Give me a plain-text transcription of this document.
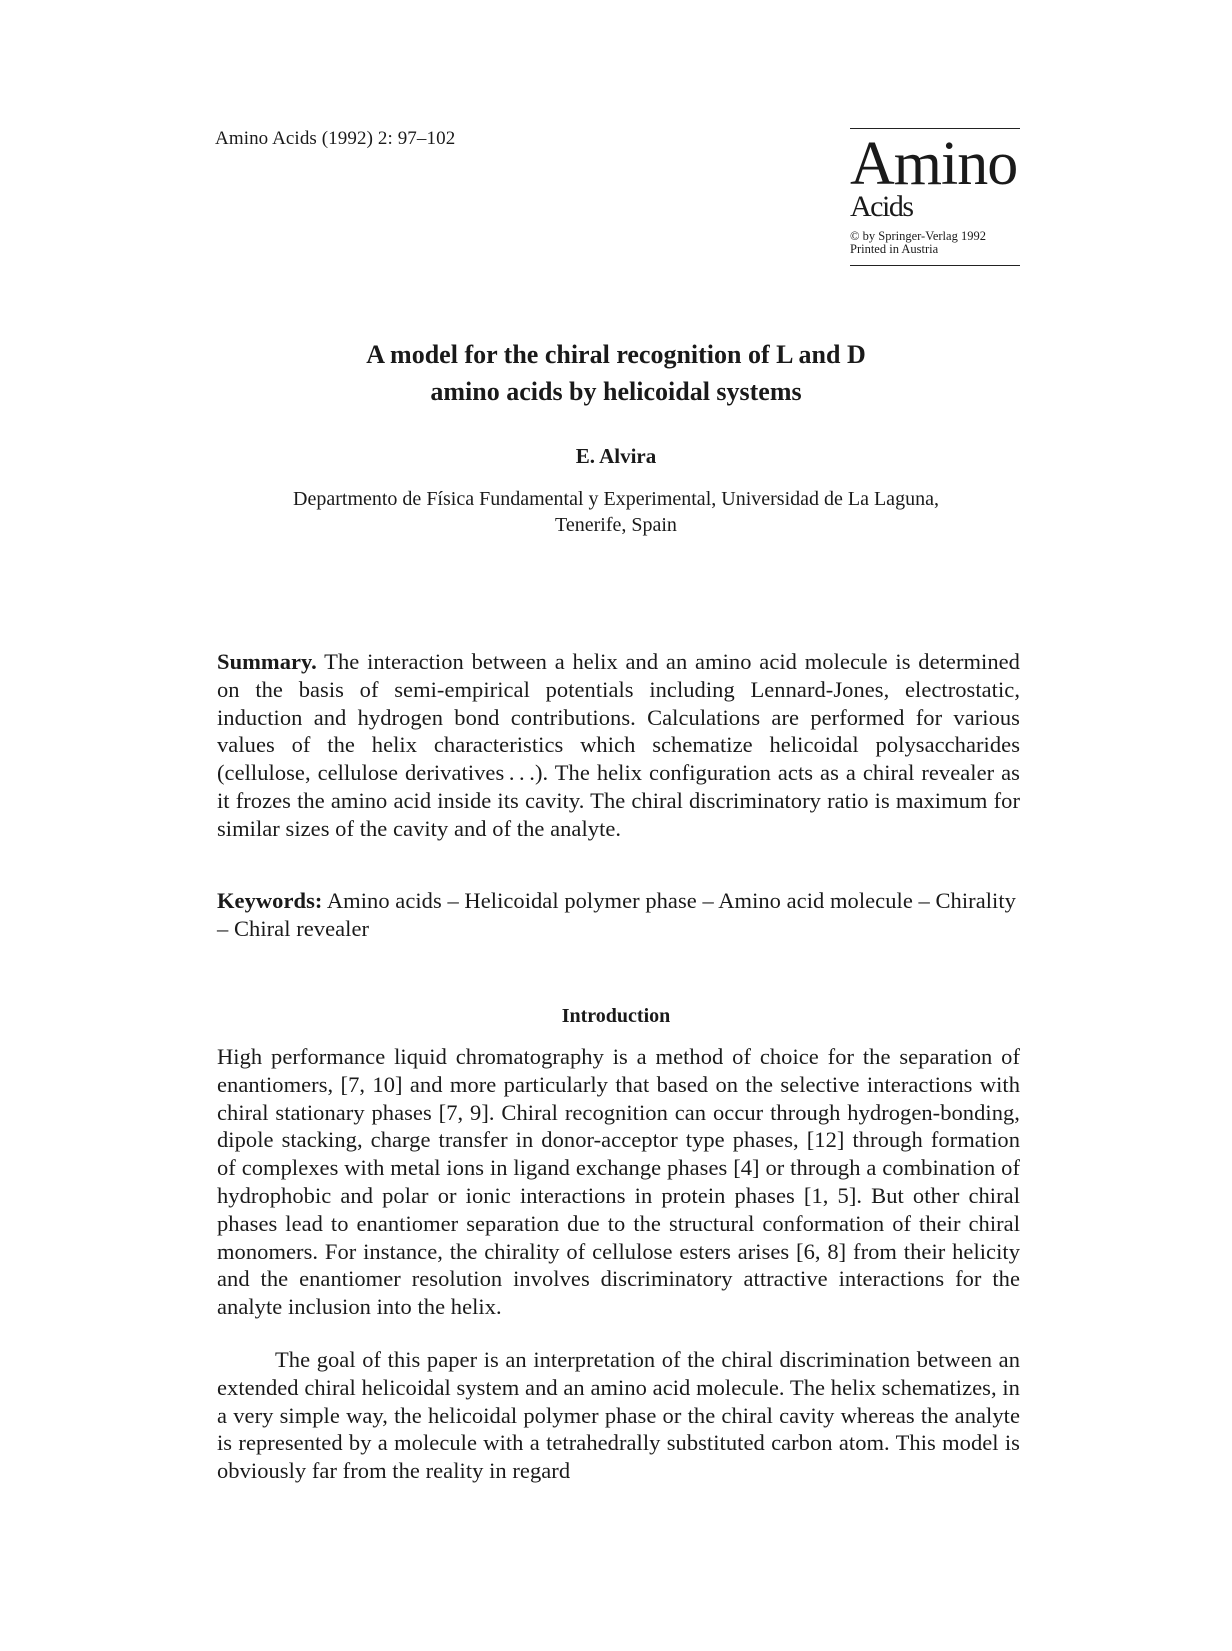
Amino Acids (1992) 2: 97–102	Amino
Acids
© by Springer-Verlag 1992
Printed in Austria
A model for the chiral recognition of L and D
amino acids by helicoidal systems
E. Alvira
Departmento de Física Fundamental y Experimental, Universidad de La Laguna,
Tenerife, Spain
Summary. The interaction between a helix and an amino acid molecule is determined on the basis of semi-empirical potentials including Lennard-Jones, electrostatic, induction and hydrogen bond contributions. Calculations are performed for various values of the helix characteristics which schematize helicoidal polysaccharides (cellulose, cellulose derivatives . . .). The helix configuration acts as a chiral revealer as it frozes the amino acid inside its cavity. The chiral discriminatory ratio is maximum for similar sizes of the cavity and of the analyte.
Keywords: Amino acids – Helicoidal polymer phase – Amino acid molecule – Chirality – Chiral revealer
Introduction
High performance liquid chromatography is a method of choice for the separation of enantiomers, [7, 10] and more particularly that based on the selective interactions with chiral stationary phases [7, 9]. Chiral recognition can occur through hydrogen-bonding, dipole stacking, charge transfer in donor-acceptor type phases, [12] through formation of complexes with metal ions in ligand exchange phases [4] or through a combination of hydrophobic and polar or ionic interactions in protein phases [1, 5]. But other chiral phases lead to enantiomer separation due to the structural conformation of their chiral monomers. For instance, the chirality of cellulose esters arises [6, 8] from their helicity and the enantiomer resolution involves discriminatory attractive interactions for the analyte inclusion into the helix.
The goal of this paper is an interpretation of the chiral discrimination between an extended chiral helicoidal system and an amino acid molecule. The helix schematizes, in a very simple way, the helicoidal polymer phase or the chiral cavity whereas the analyte is represented by a molecule with a tetrahedrally substituted carbon atom. This model is obviously far from the reality in regard
